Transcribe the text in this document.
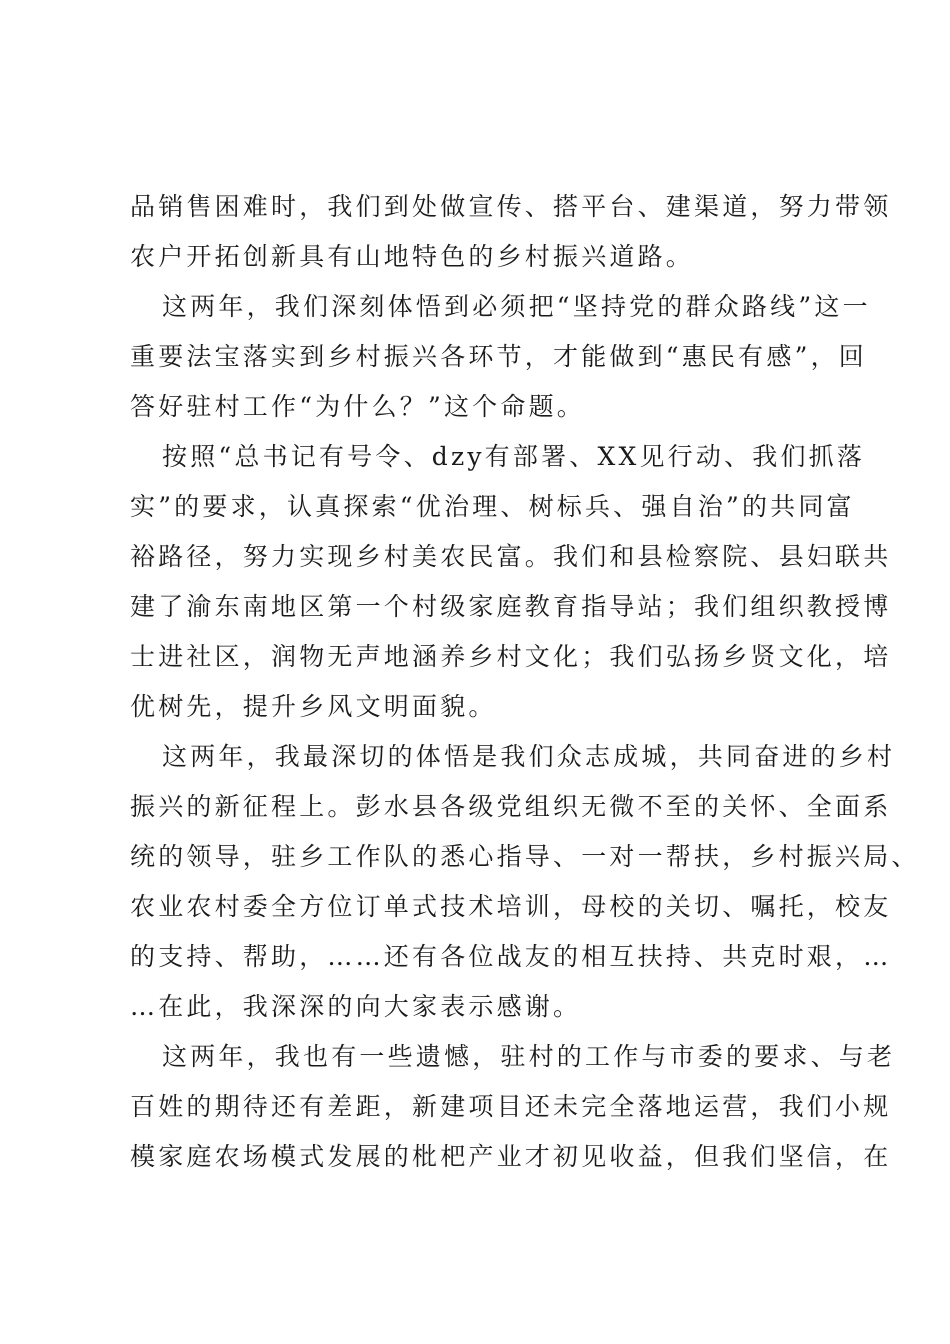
品销售困难时，我们到处做宣传、搭平台、建渠道，努力带领
农户开拓创新具有山地特色的乡村振兴道路。
这两年，我们深刻体悟到必须把“坚持党的群众路线”这一
重要法宝落实到乡村振兴各环节，才能做到“惠民有感”，回
答好驻村工作“为什么？”这个命题。
按照“总书记有号令、dzy有部署、XX见行动、我们抓落
实”的要求，认真探索“优治理、树标兵、强自治”的共同富
裕路径，努力实现乡村美农民富。我们和县检察院、县妇联共
建了渝东南地区第一个村级家庭教育指导站；我们组织教授博
士进社区，润物无声地涵养乡村文化；我们弘扬乡贤文化，培
优树先，提升乡风文明面貌。
这两年，我最深切的体悟是我们众志成城，共同奋进的乡村
振兴的新征程上。彭水县各级党组织无微不至的关怀、全面系
统的领导，驻乡工作队的悉心指导、一对一帮扶，乡村振兴局、
农业农村委全方位订单式技术培训，母校的关切、嘱托，校友
的支持、帮助，……还有各位战友的相互扶持、共克时艰，…
…在此，我深深的向大家表示感谢。
这两年，我也有一些遗憾，驻村的工作与市委的要求、与老
百姓的期待还有差距，新建项目还未完全落地运营，我们小规
模家庭农场模式发展的枇杷产业才初见收益，但我们坚信，在
